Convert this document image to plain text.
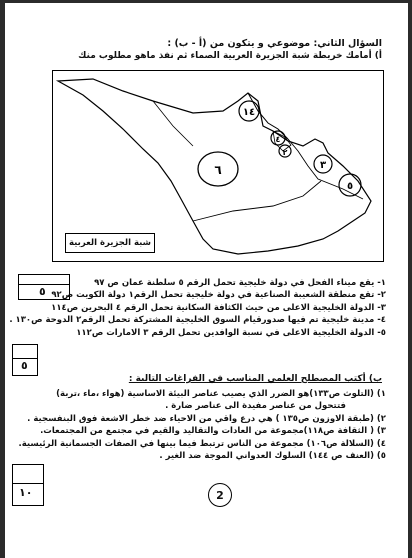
السؤال الثاني: موضوعي و يتكون من (أ - ب) :
أ) أمامك خريطة شبة الجزيرة العربية الصماء ثم نفذ ماهو مطلوب منك
١٤
٤
٢
٣
٥
٦
شبة الجزيرة العربية
٥
١- يقع ميناء الفحل في دولة خليجية تحمل الرقم ٥ سلطنة عمان ص ٩٧
٢- تقع منطقة الشعيبة الصناعية في دولة خليجية تحمل الرقم١ دولة الكويت ص٩٢
٣- الدولة الخليجية الاعلى من حيث الكثافة السكانية تحمل الرقم ٤ البحرين ص١١٤
٤- مدينة خليجية تم فيها صدورقيام السوق الخليجية المشتركة تحمل الرقم٢ الدوحة ص١٣٠ .
٥- الدولة الخليجية الاعلى في نسبة الوافدين تحمل الرقم ٣ الامارات ص١١٢
٥
ب) أكتب المصطلح العلمي المناسب في الفراغات التالية :
١) (التلوث ص١٣٣)هو الضرر الذي يصيب عناصر البيئة الاساسية (هواء ،ماء ،تربة)
فتتحول من عناصر مفيدة الى عناصر ضارة .
٢) (طبقة الاوزون ص١٣٥ ) هي درع واقي من الاحياء ضد خطر الاشعة فوق البنفسجية .
٣) ( الثقافة ص١١٨)مجموعة من العادات والتقاليد والقيم في مجتمع من المجتمعات.
٤) (السلالة ص١٠٦) مجموعة من الناس ترتبط فيما بينها في الصفات الجسمانية الرئيسية.
٥) (العنف ص ١٤٤) السلوك العدواني الموجة ضد الغير .
١٠	2
